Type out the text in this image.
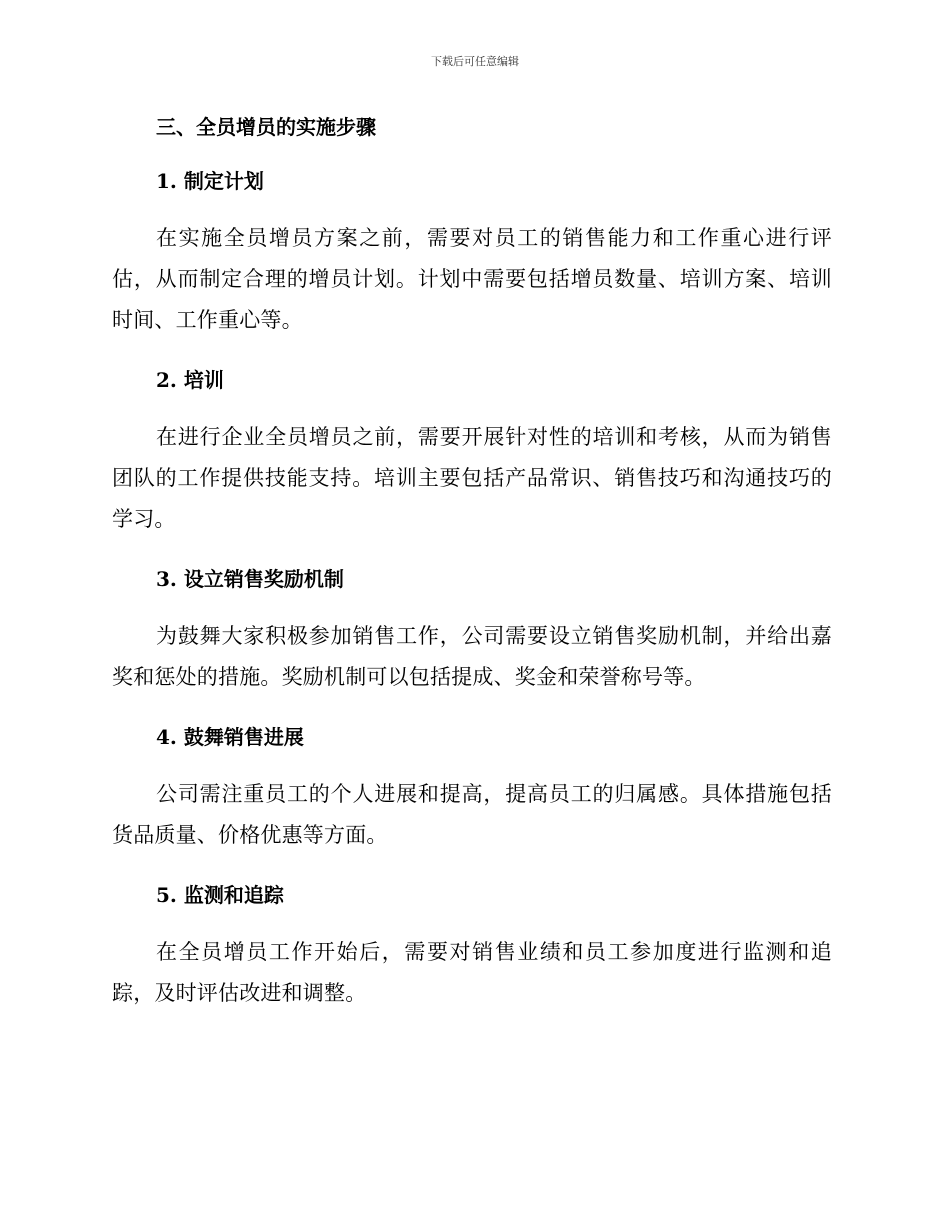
下载后可任意编辑
三、全员增员的实施步骤
1. 制定计划

在实施全员增员方案之前，需要对员工的销售能力和工作重心进行评估，从而制定合理的增员计划。计划中需要包括增员数量、培训方案、培训时间、工作重心等。

2. 培训

在进行企业全员增员之前，需要开展针对性的培训和考核，从而为销售团队的工作提供技能支持。培训主要包括产品常识、销售技巧和沟通技巧的学习。

3. 设立销售奖励机制

为鼓舞大家积极参加销售工作，公司需要设立销售奖励机制，并给出嘉奖和惩处的措施。奖励机制可以包括提成、奖金和荣誉称号等。

4. 鼓舞销售进展

公司需注重员工的个人进展和提高，提高员工的归属感。具体措施包括货品质量、价格优惠等方面。

5. 监测和追踪

在全员增员工作开始后，需要对销售业绩和员工参加度进行监测和追踪，及时评估改进和调整。
